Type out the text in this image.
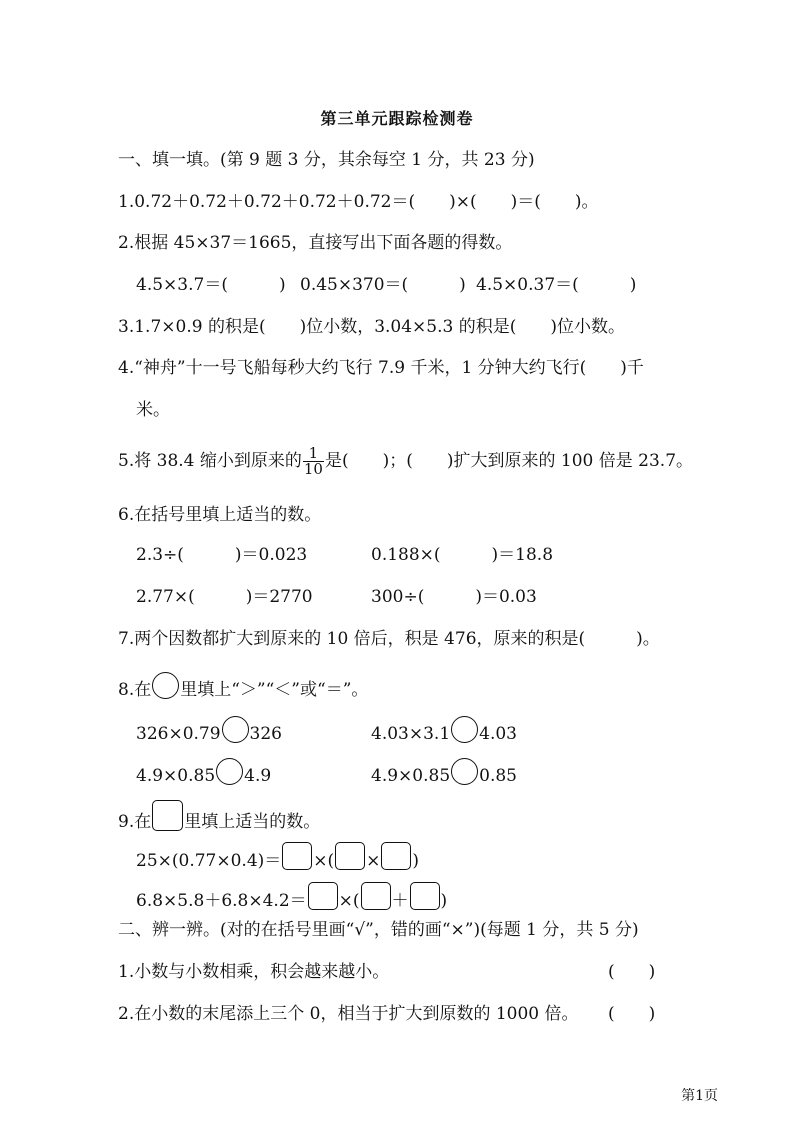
第三单元跟踪检测卷
一、填一填。(第 9 题 3 分，其余每空 1 分，共 23 分)
1.0.72＋0.72＋0.72＋0.72＋0.72＝(　　)×(　　)＝(　　)。
2.根据 45×37＝1665，直接写出下面各题的得数。
4.5×3.7＝(　　　) 0.45×370＝(　　　) 4.5×0.37＝(　　　)
3.1.7×0.9 的积是(　　)位小数，3.04×5.3 的积是(　　)位小数。
4.“神舟”十一号飞船每秒大约飞行 7.9 千米，1 分钟大约飞行(　　)千
米。
5.将 38.4 缩小到原来的 $\frac{1}{10}$ 是(　　)；(　　)扩大到原来的 100 倍是 23.7。
6.在括号里填上适当的数。
2.3÷(　　　)＝0.023	0.188×(　　　)＝18.8
2.77×(　　　)＝2770	300÷(　　　)＝0.03
7.两个因数都扩大到原来的 10 倍后，积是 476，原来的积是(　　　)。
8.在 里填上“＞”“＜”或“＝”。
326×0.79 326	4.03×3.1 4.03
4.9×0.85 4.9	4.9×0.85 0.85
9.在 里填上适当的数。
25×(0.77×0.4)＝ ×( × )
6.8×5.8＋6.8×4.2＝ ×( ＋ )
二、辨一辨。(对的在括号里画“√”，错的画“×”)(每题 1 分，共 5 分)
1.小数与小数相乘，积会越来越小。	(　　)
2.在小数的末尾添上三个 0，相当于扩大到原数的 1000 倍。 (　　)
第1页
